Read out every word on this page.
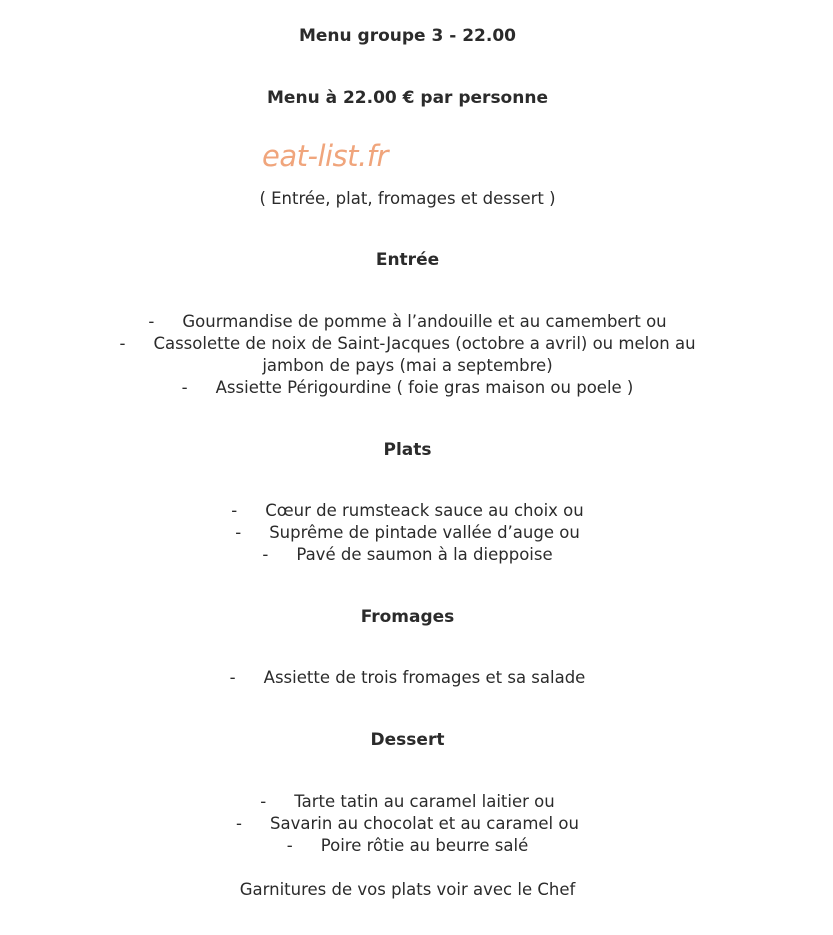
Menu groupe 3 - 22.00
Menu à 22.00 € par personne
eat-list.fr
( Entrée, plat, fromages et dessert )
Entrée
- Gourmandise de pomme à l’andouille et au camembert ou
- Cassolette de noix de Saint-Jacques (octobre a avril) ou melon au
jambon de pays (mai a septembre)
- Assiette Périgourdine ( foie gras maison ou poele )
Plats
- Cœur de rumsteack sauce au choix ou
- Suprême de pintade vallée d’auge ou
- Pavé de saumon à la dieppoise
Fromages
- Assiette de trois fromages et sa salade
Dessert
- Tarte tatin au caramel laitier ou
- Savarin au chocolat et au caramel ou
- Poire rôtie au beurre salé
Garnitures de vos plats voir avec le Chef
